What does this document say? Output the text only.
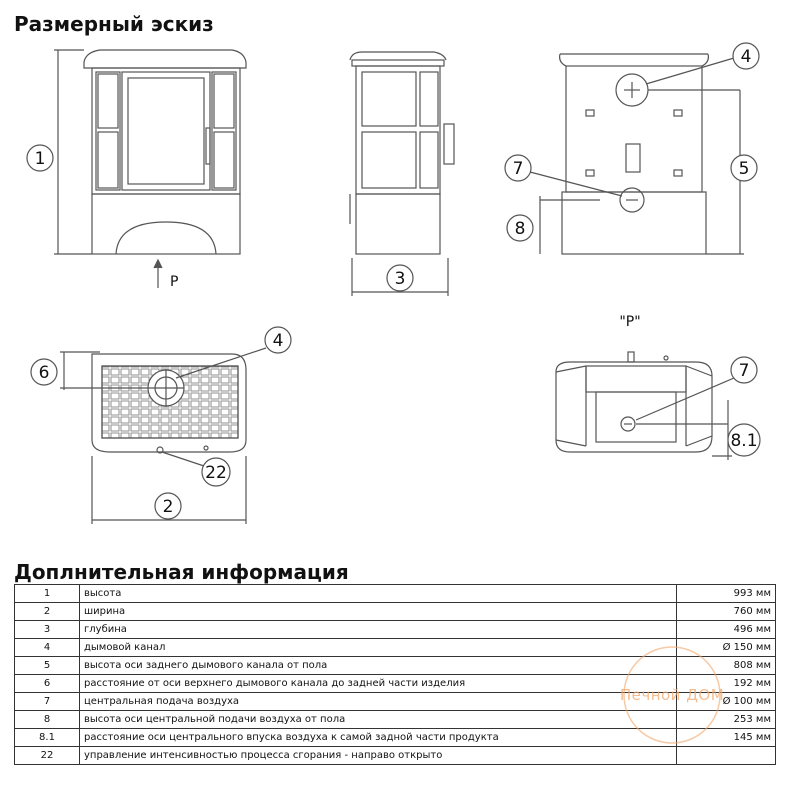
Размерный эскиз
P
1
3
4
5
7
8
4
6
22
2
"P"
7
8.1
Доплнительная информация
1	высота	993 мм
2	ширина	760 мм
3	глубина	496 мм
4	дымовой канал	Ø 150 мм
5	высота оси заднего дымового канала от пола	808 мм
6	расстояние от оси верхнего дымового канала до задней части изделия	192 мм
7	центральная подача воздуха	Ø 100 мм
8	высота оси центральной подачи воздуха от пола	253 мм
8.1	расстояние оси центрального впуска воздуха к самой задной части продукта	145 мм
22	управление интенсивностью процесса сгорания - направо открыто	
Печной ДОМ
